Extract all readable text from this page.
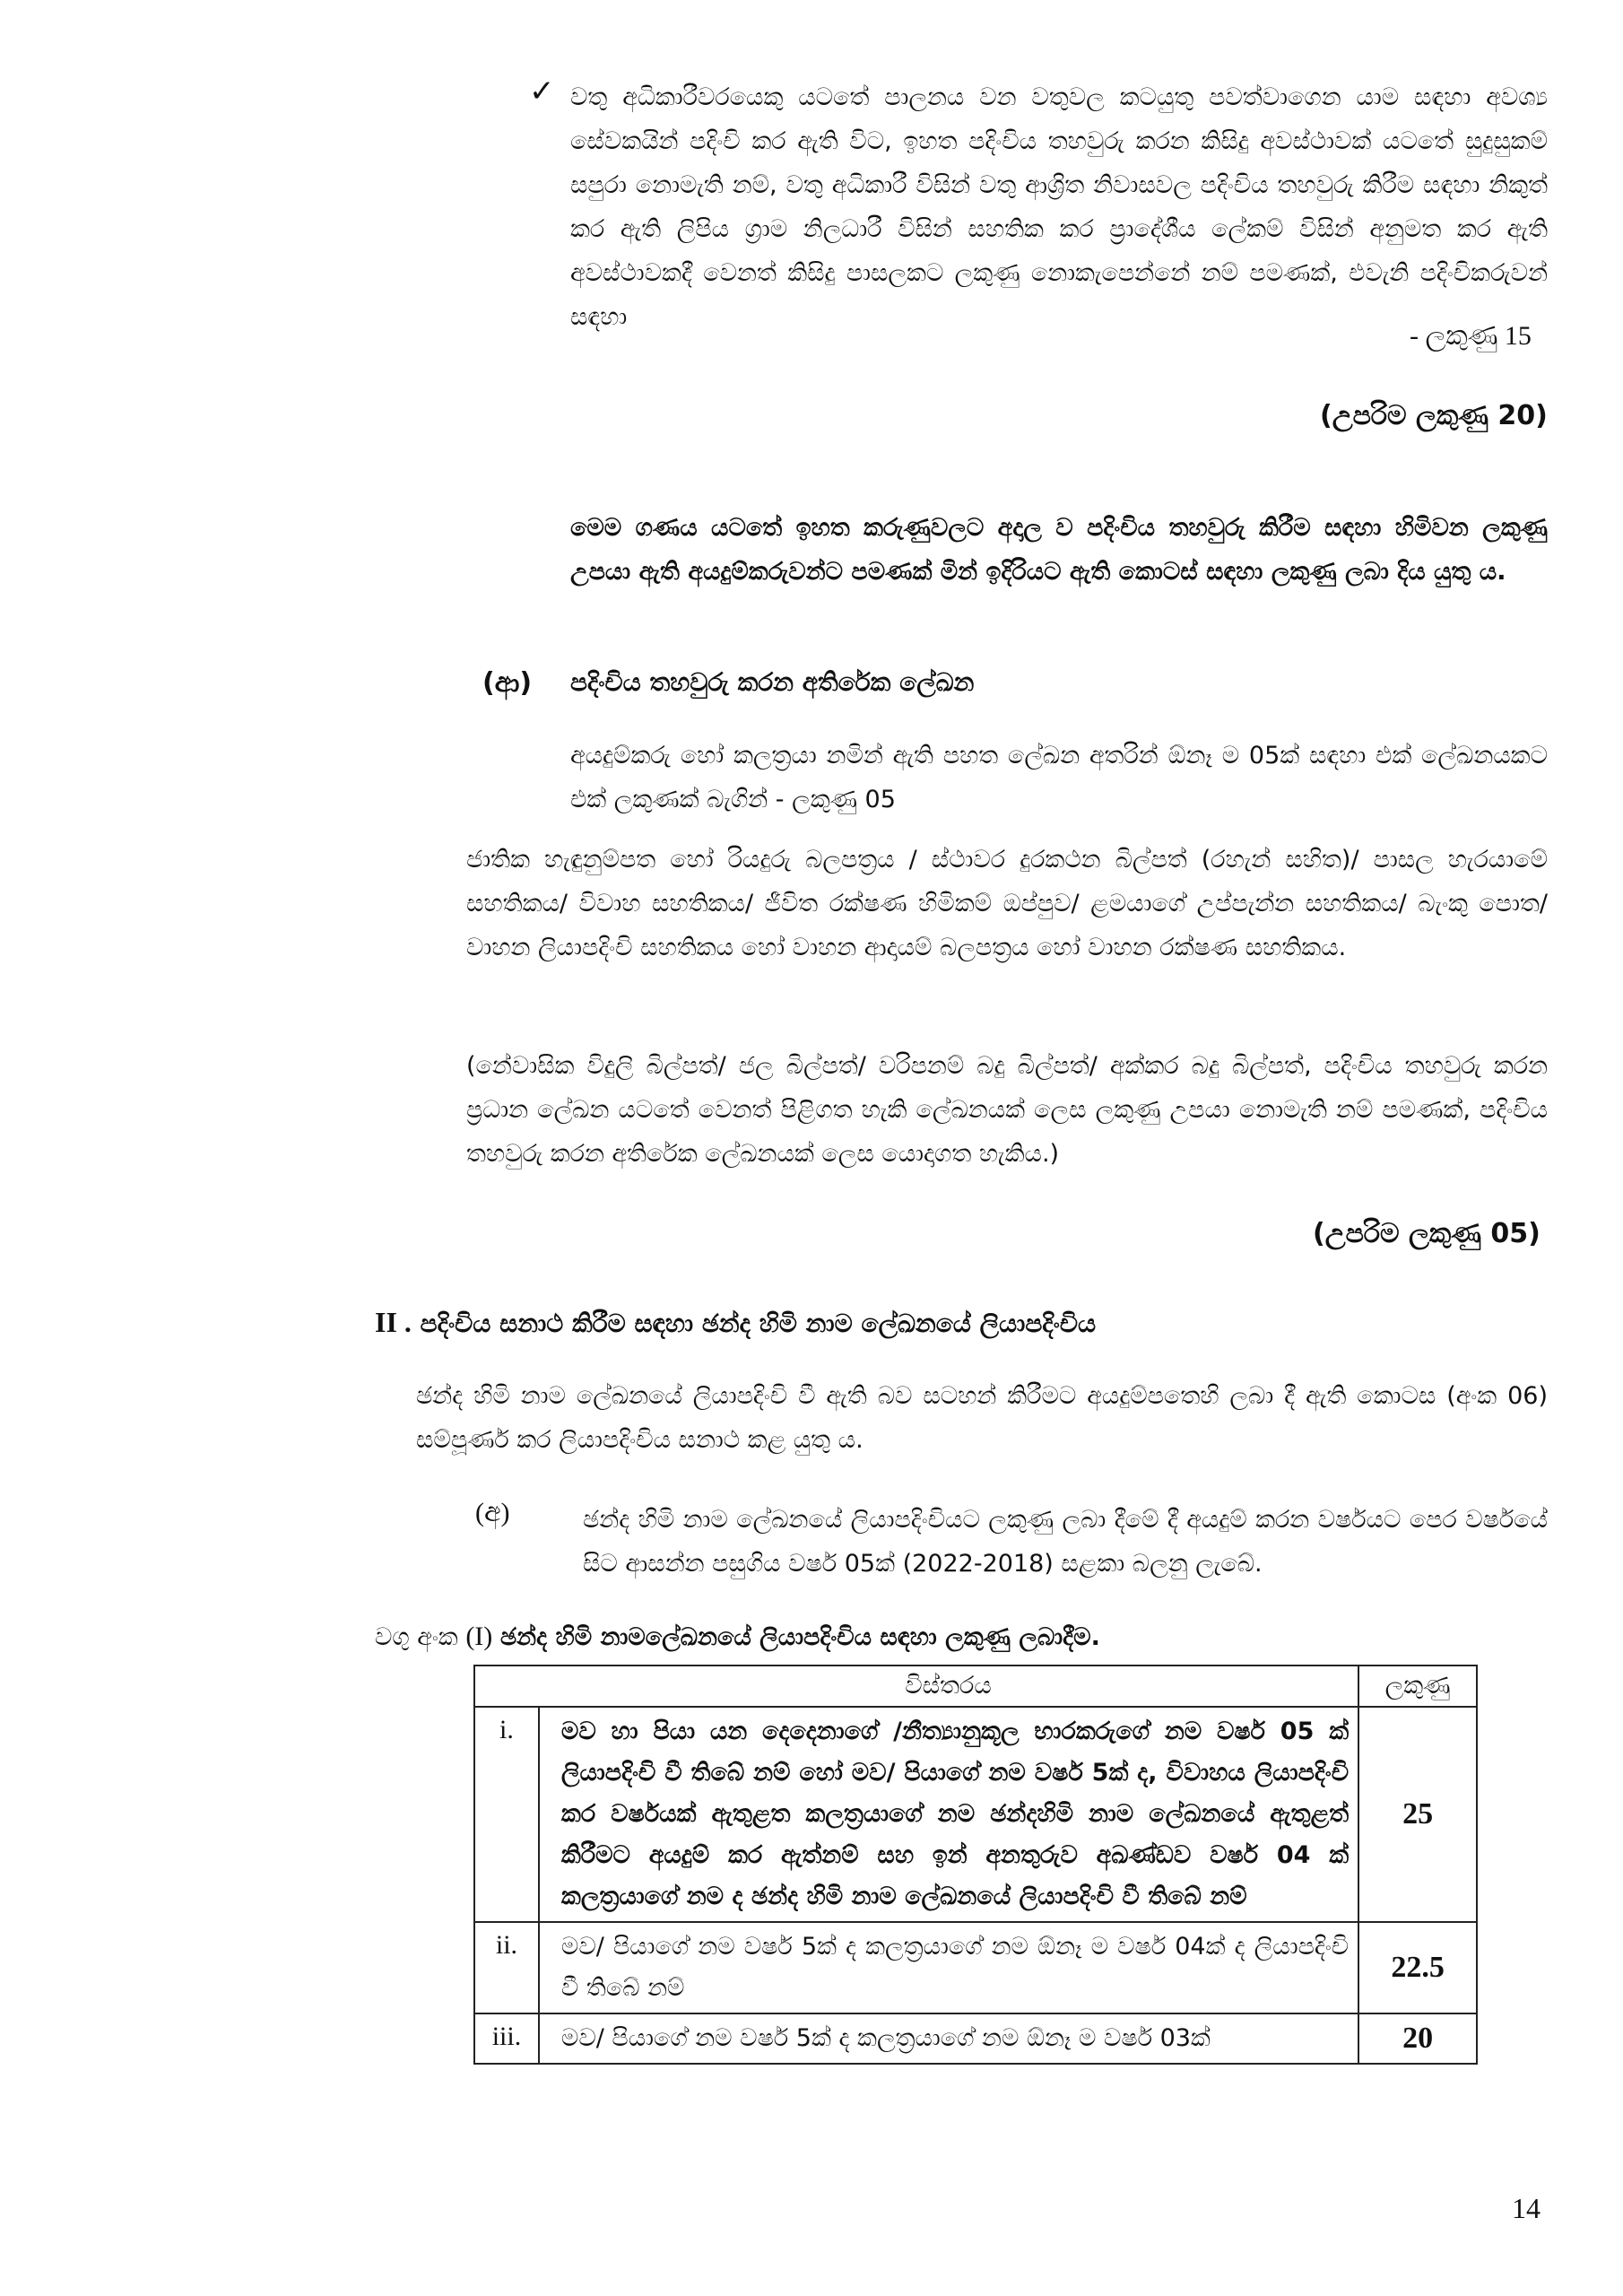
✓ වතු අධිකාරීවරයෙකු යටතේ පාලනය වන වතුවල කටයුතු පවත්වාගෙන යාම සඳහා අවශ්‍ය සේවකයින් පදිංචි කර ඇති විට, ඉහත පදිංචිය තහවුරු කරන කිසිදු අවස්ථාවක් යටතේ සුදුසුකම් සපුරා නොමැති නම්, වතු අධිකාරී විසින් වතු ආශ්‍රිත නිවාසවල පදිංචිය තහවුරු කිරීම සඳහා නිකුත් කර ඇති ලිපිය ග්‍රාම නිලධාරී විසින් සහතික කර ප්‍රාදේශීය ලේකම් විසින් අනුමත කර ඇති අවස්ථාවකදී වෙනත් කිසිදු පාසලකට ලකුණු නොකැපෙන්නේ නම් පමණක්, එවැනි පදිංචිකරුවන් සඳහා
- ලකුණු 15
(උපරිම ලකුණු 20)
මෙම ගණය යටතේ ඉහත කරුණුවලට අදාල ව පදිංචිය තහවුරු කිරීම සඳහා හිමිවන ලකුණු උපයා ඇති අයදුම්කරුවන්ට පමණක් මින් ඉදිරියට ඇති කොටස් සඳහා ලකුණු ලබා දිය යුතු ය.
(ආ) පදිංචිය තහවුරු කරන අතිරේක ලේඛන
අයදුම්කරු හෝ කලත්‍රයා නමින් ඇති පහත ලේඛන අතරින් ඕනෑ ම 05ක් සඳහා එක් ලේඛනයකට එක් ලකුණක් බැගින් - ලකුණු 05
ජාතික හැඳුනුම්පත හෝ රියදුරු බලපත්‍රය / ස්ථාවර දුරකථන බිල්පත් (රහැන් සහිත)/ පාසල හැරයාමේ සහතිකය/ විවාහ සහතිකය/ ජීවිත රක්ෂණ හිමිකම් ඔප්පුව/ ළමයාගේ උප්පැන්න සහතිකය/ බැංකු පොත/ වාහන ලියාපදිංචි සහතිකය හෝ වාහන ආදායම් බලපත්‍රය හෝ වාහන රක්ෂණ සහතිකය.
(නේවාසික විදුලි බිල්පත්/ ජල බිල්පත්/ වරිපනම් බදු බිල්පත්/ අක්කර බදු බිල්පත්, පදිංචිය තහවුරු කරන ප්‍රධාන ලේඛන යටතේ වෙනත් පිළිගත හැකි ලේඛනයක් ලෙස ලකුණු උපයා නොමැති නම් පමණක්, පදිංචිය තහවුරු කරන අතිරේක ලේඛනයක් ලෙස යොදාගත හැකිය.)
(උපරිම ලකුණු 05)
II . පදිංචිය සනාථ කිරීම සඳහා ඡන්ද හිමි නාම ලේඛනයේ ලියාපදිංචිය
ඡන්ද හිමි නාම ලේඛනයේ ලියාපදිංචි වී ඇති බව සටහන් කිරීමට අයදුම්පතෙහි ලබා දී ඇති කොටස (අංක 06) සම්පූර්ණ කර ලියාපදිංචිය සනාථ කළ යුතු ය.
(අ)	ඡන්ද හිමි නාම ලේඛනයේ ලියාපදිංචියට ලකුණු ලබා දීමේ දී අයදුම් කරන වර්ෂයට පෙර වර්ෂයේ සිට ආසන්න පසුගිය වර්ෂ 05ක් (2022-2018) සළකා බලනු ලැබේ.
වගු අංක (I) ඡන්ද හිමි නාමලේඛනයේ ලියාපදිංචිය සඳහා ලකුණු ලබාදීම.
	විස්තරය	ලකුණු
i.	මව හා පියා යන දෙදෙනාගේ /නීත්‍යානුකූල භාරකරුගේ නම වර්ෂ 05 ක් ලියාපදිංචි වී තිබේ නම් හෝ මව/ පියාගේ නම වර්ෂ 5ක් ද, විවාහය ලියාපදිංචි කර වර්ෂයක් ඇතුළත කලත්‍රයාගේ නම ඡන්දහිමි නාම ලේඛනයේ ඇතුළත් කිරීමට අයදුම් කර ඇත්නම් සහ ඉන් අනතුරුව අඛණ්ඩව වර්ෂ 04 ක් කලත්‍රයාගේ නම ද ඡන්ද හිමි නාම ලේඛනයේ ලියාපදිංචි වී තිබේ නම්	25
ii.	මව/ පියාගේ නම වර්ෂ 5ක් ද කලත්‍රයාගේ නම ඕනෑ ම වර්ෂ 04ක් ද ලියාපදිංචි වී තිබේ නම්	22.5
iii.	මව/ පියාගේ නම වර්ෂ 5ක් ද කලත්‍රයාගේ නම ඕනෑ ම වර්ෂ 03ක්	20
14
